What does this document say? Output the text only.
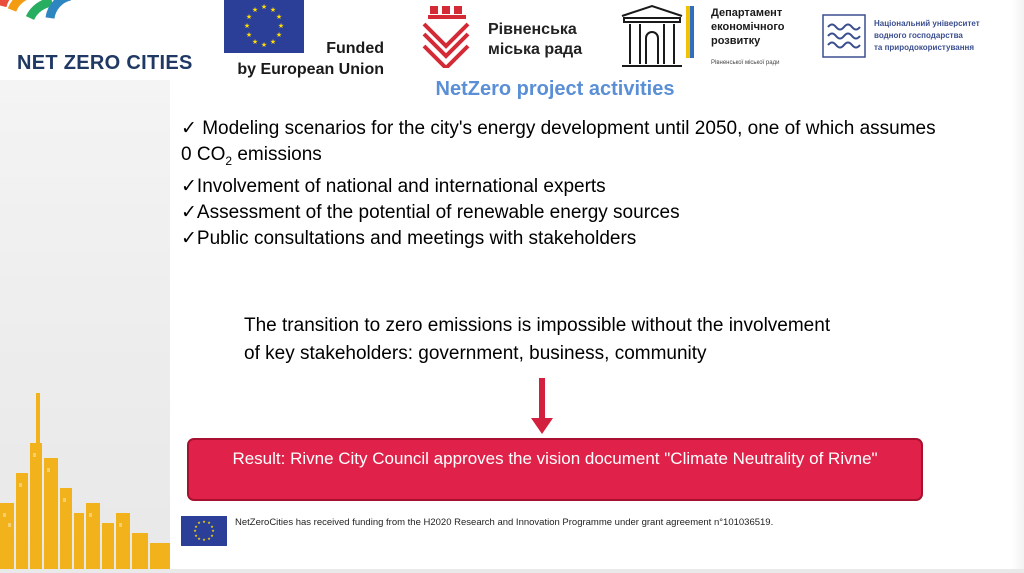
NET ZERO CITIES
★ ★
★
★
★
★
★
★
★
★
★
★
Funded
by European Union
Рівненська
міська рада
Департамент
економічного
розвитку
Рівненської міської ради
Національний університет
водного господарства
та природокористування
NetZero project activities
✓ Modeling scenarios for the city's energy development until 2050, one of which assumes 0 $CO_2$ emissions
✓Involvement of national and international experts
✓Assessment of the potential of renewable energy sources
✓Public consultations and meetings with stakeholders
The transition to zero emissions is impossible without the involvement of key stakeholders: government, business, community
Result: Rivne City Council approves the vision document "Climate Neutrality of Rivne"
★ ★
★
★
★
★
★
★
★
★
★
★	NetZeroCities has received funding from the H2020 Research and Innovation Programme under grant agreement n°101036519.
